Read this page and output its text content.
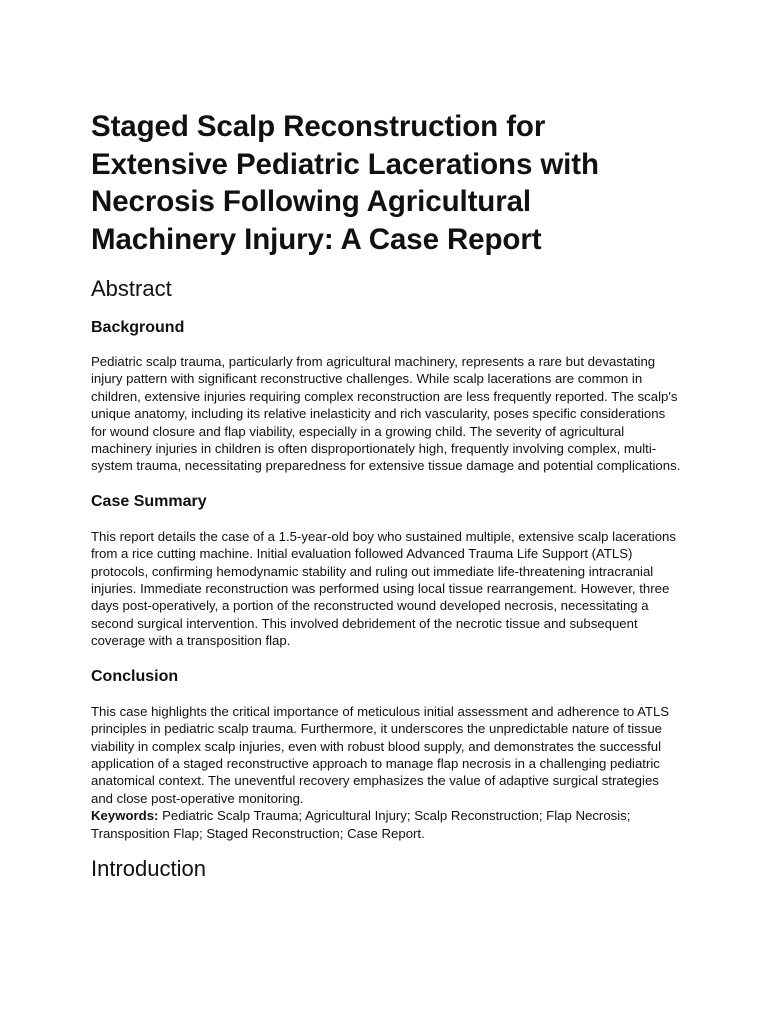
Staged Scalp Reconstruction for Extensive Pediatric Lacerations with Necrosis Following Agricultural Machinery Injury: A Case Report
Abstract
Background

Pediatric scalp trauma, particularly from agricultural machinery, represents a rare but devastating injury pattern with significant reconstructive challenges. While scalp lacerations are common in children, extensive injuries requiring complex reconstruction are less frequently reported. The scalp's unique anatomy, including its relative inelasticity and rich vascularity, poses specific considerations for wound closure and flap viability, especially in a growing child. The severity of agricultural machinery injuries in children is often disproportionately high, frequently involving complex, multi-system trauma, necessitating preparedness for extensive tissue damage and potential complications.

Case Summary

This report details the case of a 1.5-year-old boy who sustained multiple, extensive scalp lacerations from a rice cutting machine. Initial evaluation followed Advanced Trauma Life Support (ATLS) protocols, confirming hemodynamic stability and ruling out immediate life-threatening intracranial injuries. Immediate reconstruction was performed using local tissue rearrangement. However, three days post-operatively, a portion of the reconstructed wound developed necrosis, necessitating a second surgical intervention. This involved debridement of the necrotic tissue and subsequent coverage with a transposition flap.

Conclusion

This case highlights the critical importance of meticulous initial assessment and adherence to ATLS principles in pediatric scalp trauma. Furthermore, it underscores the unpredictable nature of tissue viability in complex scalp injuries, even with robust blood supply, and demonstrates the successful application of a staged reconstructive approach to manage flap necrosis in a challenging pediatric anatomical context. The uneventful recovery emphasizes the value of adaptive surgical strategies and close post-operative monitoring.
Keywords: Pediatric Scalp Trauma; Agricultural Injury; Scalp Reconstruction; Flap Necrosis; Transposition Flap; Staged Reconstruction; Case Report.

Introduction
